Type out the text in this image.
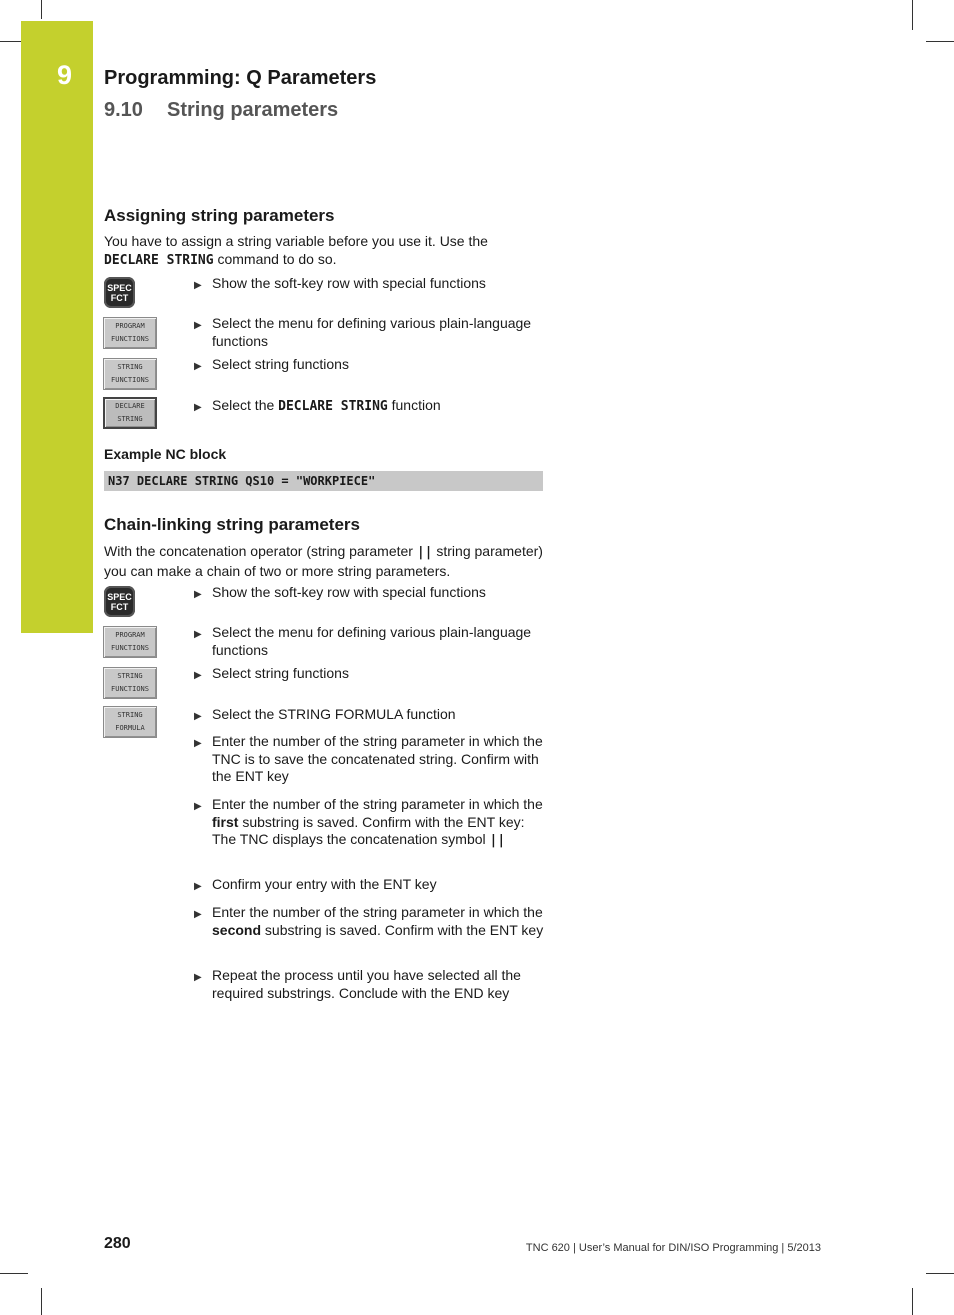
9 Programming: Q Parameters
9.10 String parameters
Assigning string parameters

You have to assign a string variable before you use it. Use the
DECLARE STRING command to do so.

SPEC
FCT
▶ Show the soft-key row with special functions
PROGRAM
FUNCTIONS
▶ Select the menu for defining various plain-language functions
STRING
FUNCTIONS
▶ Select string functions
DECLARE
STRING
▶ Select the DECLARE STRING function
Example NC block
N37 DECLARE STRING QS10 = "WORKPIECE"
Chain-linking string parameters

With the concatenation operator (string parameter || string parameter) you can make a chain of two or more string parameters.

SPEC
FCT
▶ Show the soft-key row with special functions
PROGRAM
FUNCTIONS
▶ Select the menu for defining various plain-language functions
STRING
FUNCTIONS
▶ Select string functions
STRING
FORMULA
▶ Select the STRING FORMULA function
▶ Enter the number of the string parameter in which the TNC is to save the concatenated string. Confirm with the ENT key
▶ Enter the number of the string parameter in which the first substring is saved. Confirm with the ENT key: The TNC displays the concatenation symbol ||
▶ Confirm your entry with the ENT key
▶ Enter the number of the string parameter in which the second substring is saved. Confirm with the ENT key
▶ Repeat the process until you have selected all the required substrings. Conclude with the END key
280	TNC 620 | User’s Manual for DIN/ISO Programming | 5/2013
